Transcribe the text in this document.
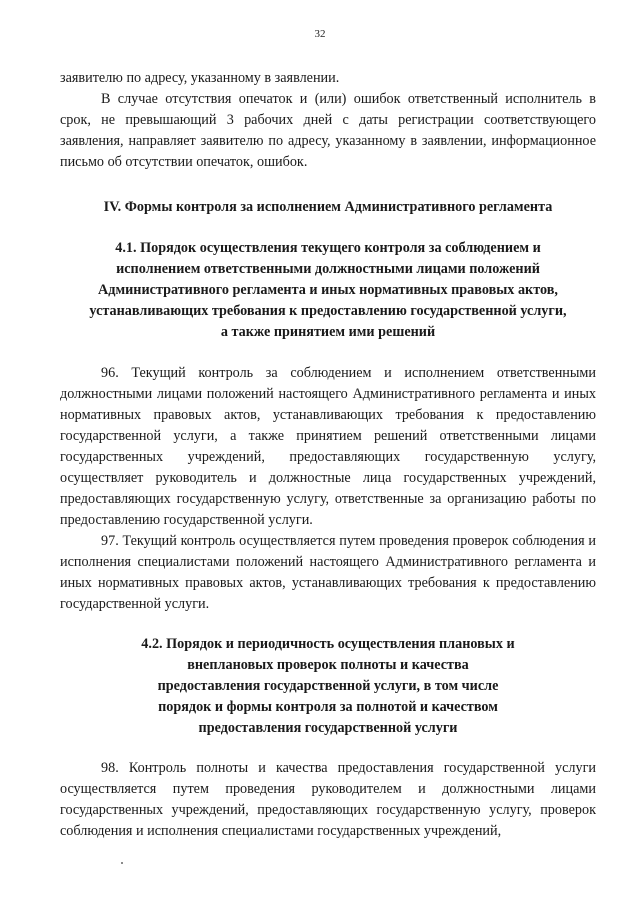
32

заявителю по адресу, указанному в заявлении.

В случае отсутствия опечаток и (или) ошибок ответственный исполнитель в срок, не превышающий 3 рабочих дней с даты регистрации соответствующего заявления, направляет заявителю по адресу, указанному в заявлении, информационное письмо об отсутствии опечаток, ошибок.

IV. Формы контроля за исполнением Административного регламента
4.1. Порядок осуществления текущего контроля за соблюдением и
исполнением ответственными должностными лицами положений
Административного регламента и иных нормативных правовых актов,
устанавливающих требования к предоставлению государственной услуги,
а также принятием ими решений

96. Текущий контроль за соблюдением и исполнением ответственными должностными лицами положений настоящего Административного регламента и иных нормативных правовых актов, устанавливающих требования к предоставлению государственной услуги, а также принятием решений ответственными лицами государственных учреждений, предоставляющих государственную услугу, осуществляет руководитель и должностные лица государственных учреждений, предоставляющих государственную услугу, ответственные за организацию работы по предоставлению государственной услуги.

97. Текущий контроль осуществляется путем проведения проверок соблюдения и исполнения специалистами положений настоящего Административного регламента и иных нормативных правовых актов, устанавливающих требования к предоставлению государственной услуги.

4.2. Порядок и периодичность осуществления плановых и
внеплановых проверок полноты и качества
предоставления государственной услуги, в том числе
порядок и формы контроля за полнотой и качеством
предоставления государственной услуги

98. Контроль полноты и качества предоставления государственной услуги осуществляется путем проведения руководителем и должностными лицами государственных учреждений, предоставляющих государственную услугу, проверок соблюдения и исполнения специалистами государственных учреждений,
